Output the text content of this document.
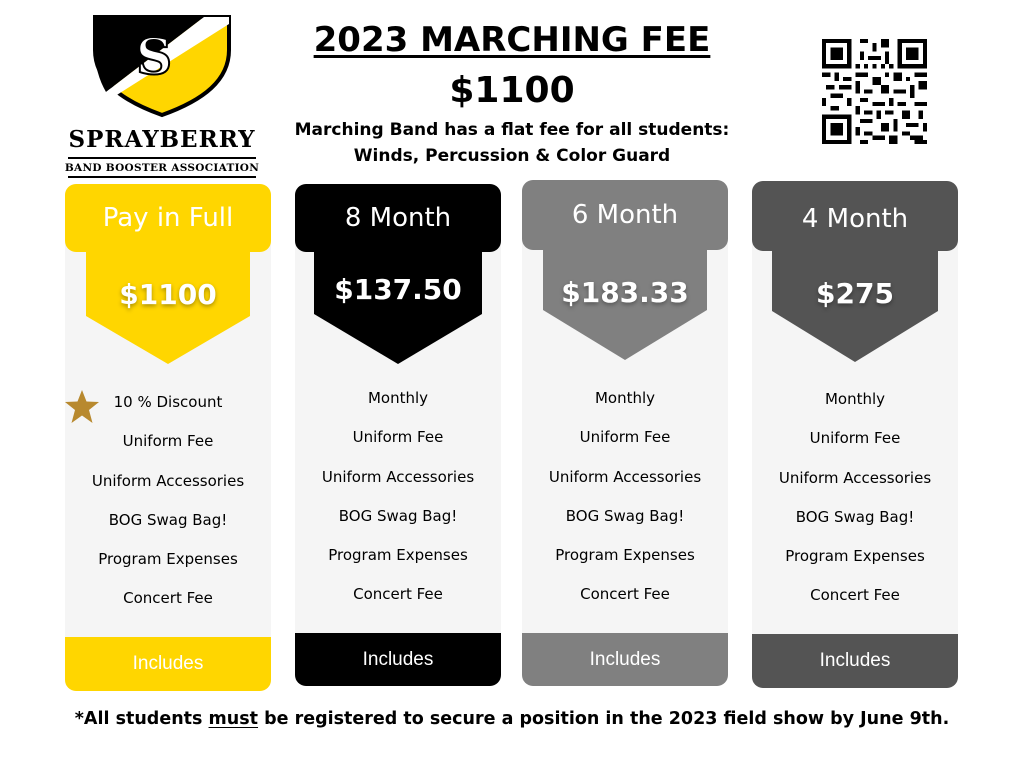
S
SPRAYBERRY
BAND BOOSTER ASSOCIATION
2023 MARCHING FEE
$1100
Marching Band has a flat fee for all students:
Winds, Percussion & Color Guard
Pay in Full
$1100
10 % Discount
Uniform Fee
Uniform Accessories
BOG Swag Bag!
Program Expenses
Concert Fee
Includes
8 Month
$137.50
Monthly
Uniform Fee
Uniform Accessories
BOG Swag Bag!
Program Expenses
Concert Fee
Includes
6 Month
$183.33
Monthly
Uniform Fee
Uniform Accessories
BOG Swag Bag!
Program Expenses
Concert Fee
Includes
4 Month
$275
Monthly
Uniform Fee
Uniform Accessories
BOG Swag Bag!
Program Expenses
Concert Fee
Includes
*All students must be registered to secure a position in the 2023 field show by June 9th.
